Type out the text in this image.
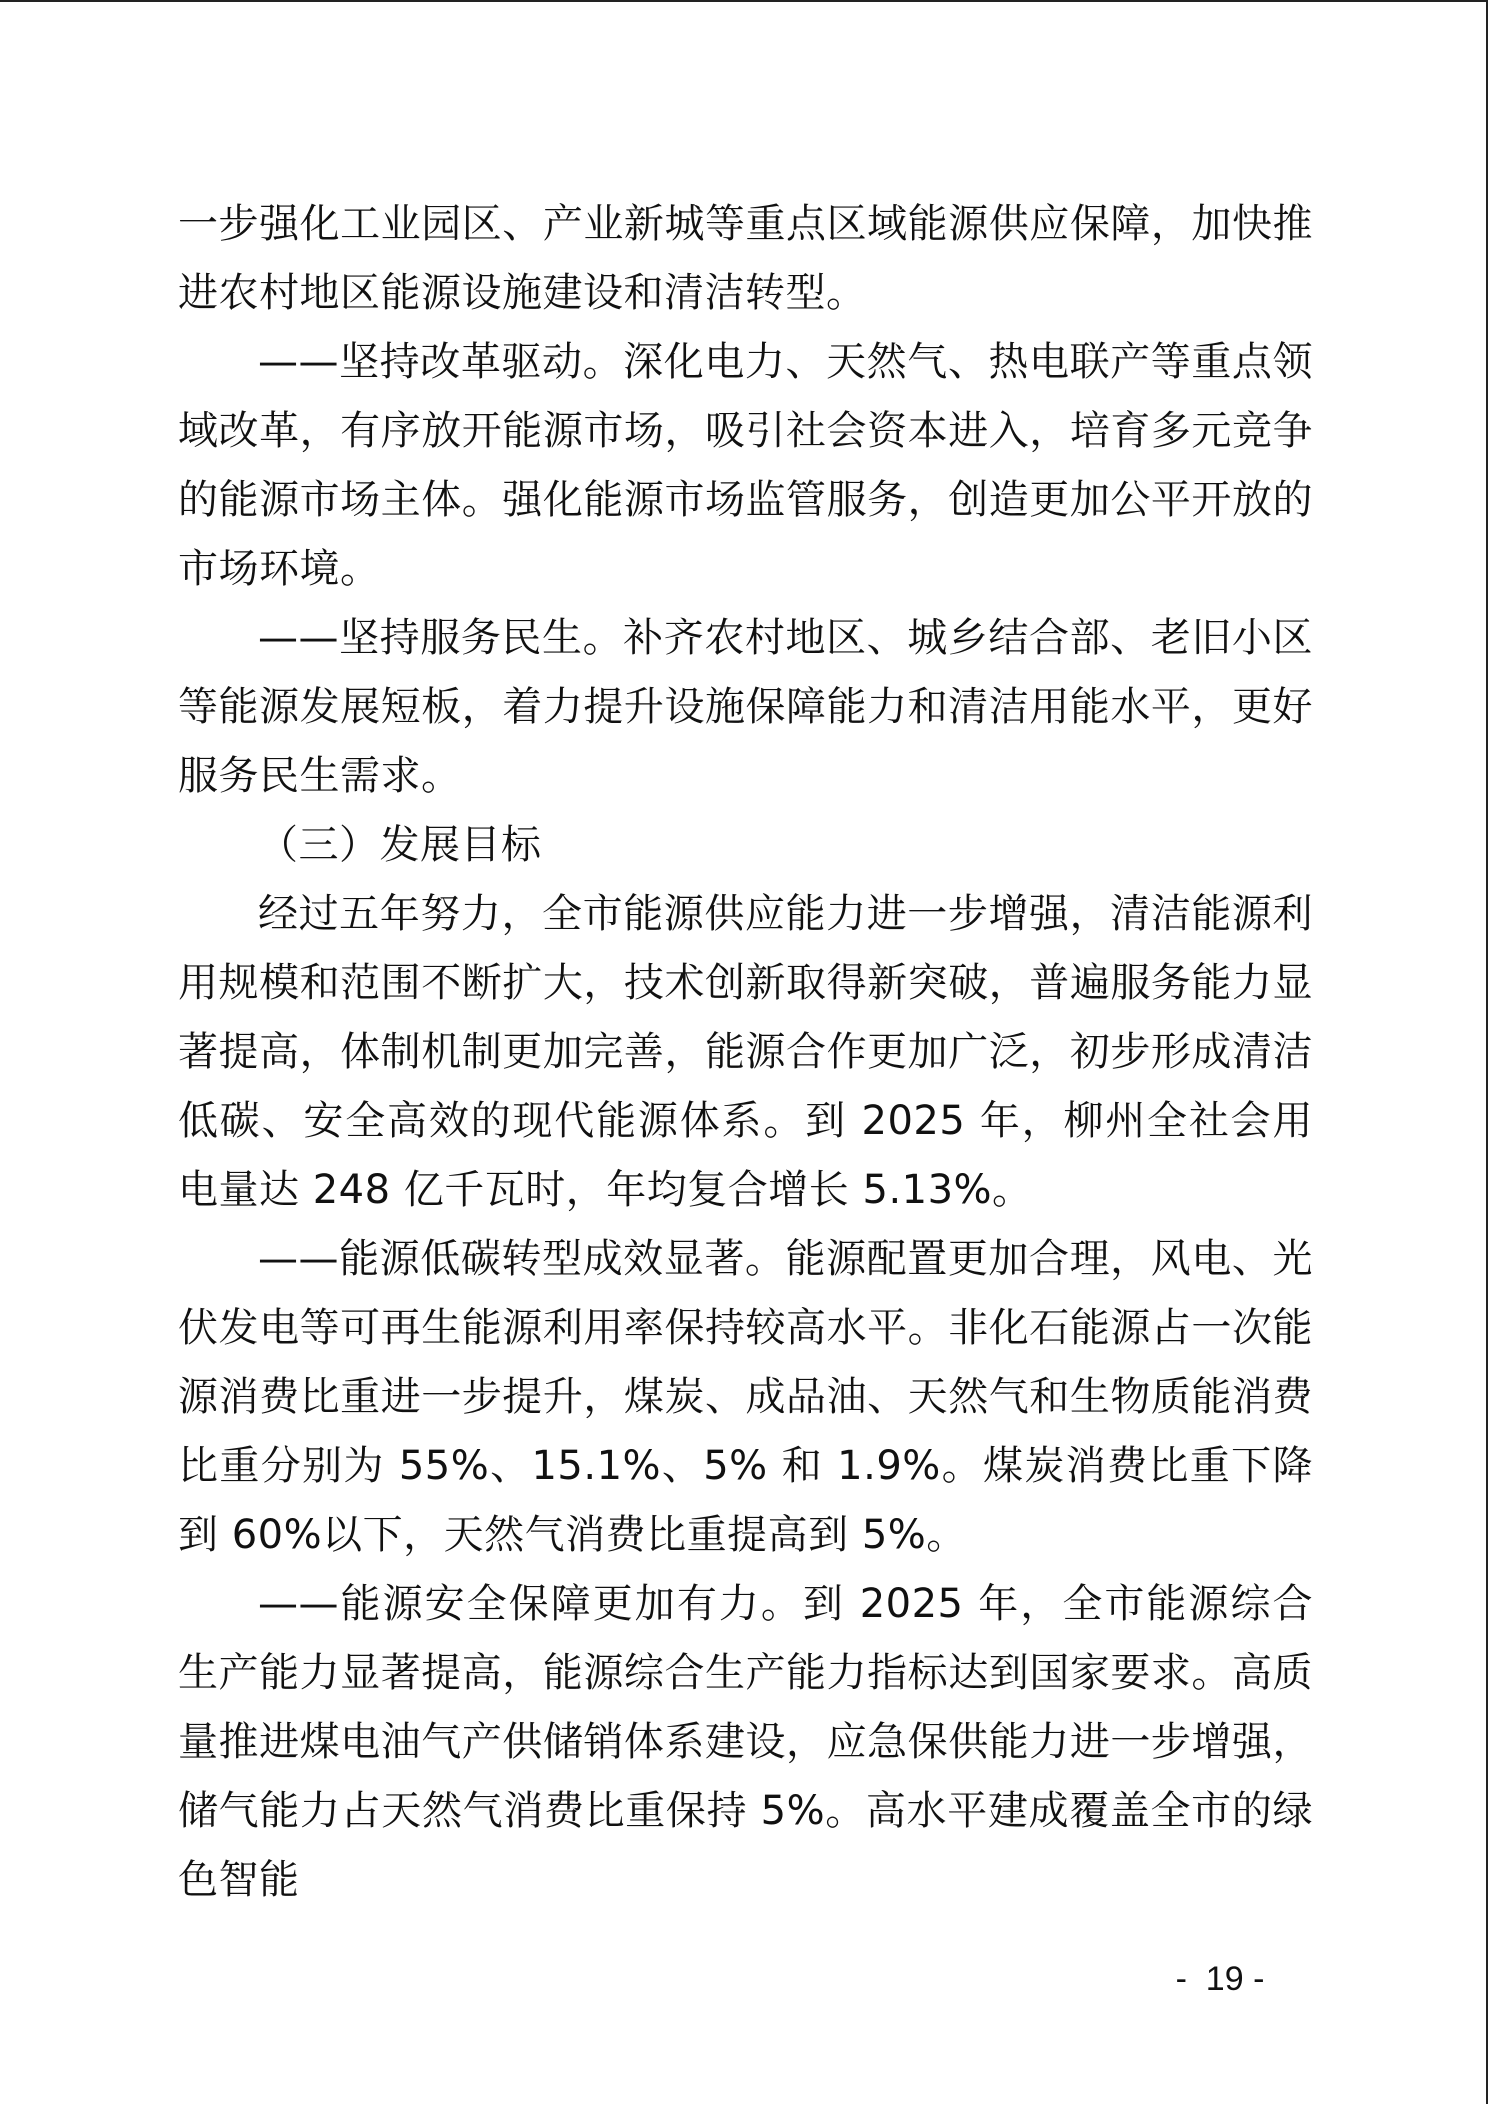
一步强化工业园区、产业新城等重点区域能源供应保障，加快推进农村地区能源设施建设和清洁转型。

——坚持改革驱动。深化电力、天然气、热电联产等重点领域改革，有序放开能源市场，吸引社会资本进入，培育多元竞争的能源市场主体。强化能源市场监管服务，创造更加公平开放的市场环境。

——坚持服务民生。补齐农村地区、城乡结合部、老旧小区等能源发展短板，着力提升设施保障能力和清洁用能水平，更好服务民生需求。

（三）发展目标

经过五年努力，全市能源供应能力进一步增强，清洁能源利用规模和范围不断扩大，技术创新取得新突破，普遍服务能力显著提高，体制机制更加完善，能源合作更加广泛，初步形成清洁低碳、安全高效的现代能源体系。到 2025 年，柳州全社会用电量达 248 亿千瓦时，年均复合增长 5.13%。

——能源低碳转型成效显著。能源配置更加合理，风电、光伏发电等可再生能源利用率保持较高水平。非化石能源占一次能源消费比重进一步提升，煤炭、成品油、天然气和生物质能消费比重分别为 55%、15.1%、5% 和 1.9%。煤炭消费比重下降到 60%以下，天然气消费比重提高到 5%。

——能源安全保障更加有力。到 2025 年，全市能源综合生产能力显著提高，能源综合生产能力指标达到国家要求。高质量推进煤电油气产供储销体系建设，应急保供能力进一步增强，储气能力占天然气消费比重保持 5%。高水平建成覆盖全市的绿色智能

-  19 -
